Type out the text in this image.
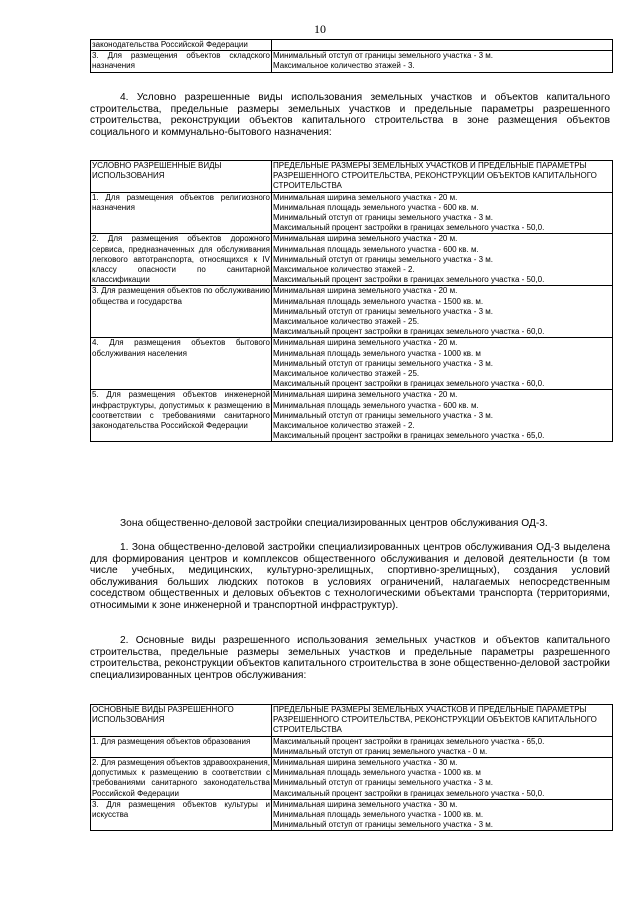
10
законодательства Российской Федерации	

3. Для размещения объектов складского назначения	Минимальный отступ от границы земельного участка - 3 м.
Максимальное количество этажей - 3.

4. Условно разрешенные виды использования земельных участков и объектов капитального строительства, предельные размеры земельных участков и предельные параметры разрешенного строительства, реконструкции объектов капитального строительства в зоне размещения объектов социального и коммунально-бытового назначения:

УСЛОВНО РАЗРЕШЕННЫЕ ВИДЫ ИСПОЛЬЗОВАНИЯ	ПРЕДЕЛЬНЫЕ РАЗМЕРЫ ЗЕМЕЛЬНЫХ УЧАСТКОВ И ПРЕДЕЛЬНЫЕ ПАРАМЕТРЫ РАЗРЕШЕННОГО СТРОИТЕЛЬСТВА, РЕКОНСТРУКЦИИ ОБЪЕКТОВ КАПИТАЛЬНОГО СТРОИТЕЛЬСТВА

1. Для размещения объектов религиозного назначения	Минимальная ширина земельного участка - 20 м.
Минимальная площадь земельного участка - 600 кв. м.
Минимальный отступ от границы земельного участка - 3 м.
Максимальный процент застройки в границах земельного участка - 50,0.

2. Для размещения объектов дорожного сервиса, предназначенных для обслуживания легкового автотранспорта, относящихся к IV классу опасности по санитарной классификации	Минимальная ширина земельного участка - 20 м.
Минимальная площадь земельного участка - 600 кв. м.
Минимальный отступ от границы земельного участка - 3 м.
Максимальное количество этажей - 2.
Максимальный процент застройки в границах земельного участка - 50,0.

3. Для размещения объектов по обслуживанию общества и государства	Минимальная ширина земельного участка - 20 м.
Минимальная площадь земельного участка - 1500 кв. м.
Минимальный отступ от границы земельного участка - 3 м.
Максимальное количество этажей - 25.
Максимальный процент застройки в границах земельного участка - 60,0.

4. Для размещения объектов бытового обслуживания населения	Минимальная ширина земельного участка - 20 м.
Минимальная площадь земельного участка - 1000 кв. м
Минимальный отступ от границы земельного участка - 3 м.
Максимальное количество этажей - 25.
Максимальный процент застройки в границах земельного участка - 60,0.

5. Для размещения объектов инженерной инфраструктуры, допустимых к размещению в соответствии с требованиями санитарного законодательства Российской Федерации	Минимальная ширина земельного участка - 20 м.
Минимальная площадь земельного участка - 600 кв. м.
Минимальный отступ от границы земельного участка - 3 м.
Максимальное количество этажей - 2.
Максимальный процент застройки в границах земельного участка - 65,0.

Зона общественно-деловой застройки специализированных центров обслуживания ОД-3.

1. Зона общественно-деловой застройки специализированных центров обслуживания ОД-3 выделена для формирования центров и комплексов общественного обслуживания и деловой деятельности (в том числе учебных, медицинских, культурно-зрелищных, спортивно-зрелищных), создания условий обслуживания больших людских потоков в условиях ограничений, налагаемых непосредственным соседством общественных и деловых объектов с технологическими объектами транспорта (территориями, относимыми к зоне инженерной и транспортной инфраструктур).

2. Основные виды разрешенного использования земельных участков и объектов капитального строительства, предельные размеры земельных участков и предельные параметры разрешенного строительства, реконструкции объектов капитального строительства в зоне общественно-деловой застройки специализированных центров обслуживания:

ОСНОВНЫЕ ВИДЫ РАЗРЕШЕННОГО ИСПОЛЬЗОВАНИЯ	ПРЕДЕЛЬНЫЕ РАЗМЕРЫ ЗЕМЕЛЬНЫХ УЧАСТКОВ И ПРЕДЕЛЬНЫЕ ПАРАМЕТРЫ РАЗРЕШЕННОГО СТРОИТЕЛЬСТВА, РЕКОНСТРУКЦИИ ОБЪЕКТОВ КАПИТАЛЬНОГО СТРОИТЕЛЬСТВА

1. Для размещения объектов образования	Максимальный процент застройки в границах земельного участка - 65,0.
Минимальный отступ от границ земельного участка - 0 м.

2. Для размещения объектов здравоохранения, допустимых к размещению в соответствии с требованиями санитарного законодательства Российской Федерации	Минимальная ширина земельного участка - 30 м.
Минимальная площадь земельного участка - 1000 кв. м
Минимальный отступ от границы земельного участка - 3 м.
Максимальный процент застройки в границах земельного участка - 50,0.

3. Для размещения объектов культуры и искусства	Минимальная ширина земельного участка - 30 м.
Минимальная площадь земельного участка - 1000 кв. м.
Минимальный отступ от границы земельного участка - 3 м.
